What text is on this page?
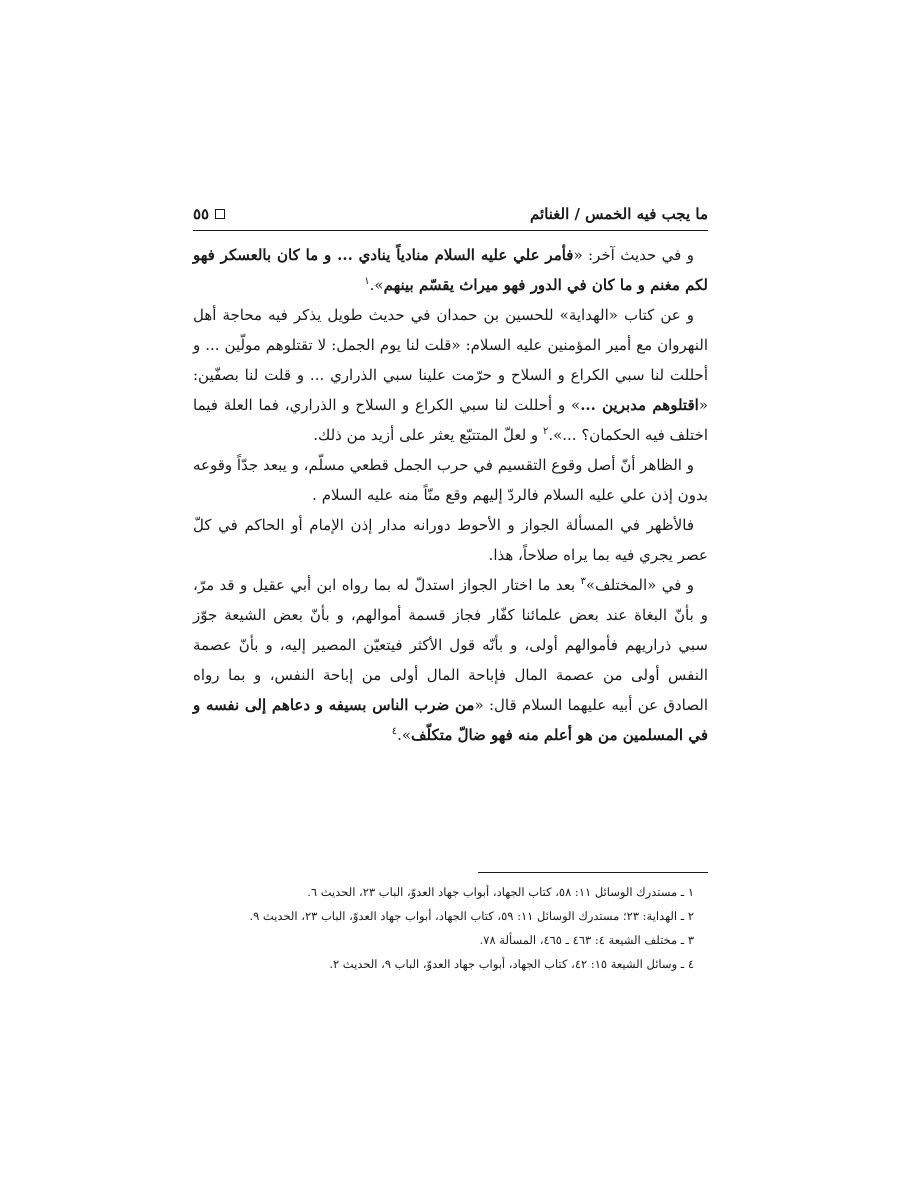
ما يجب فيه الخمس / الغنائم
٥٥

و في حديث آخر: «فأمر علي عليه السلام منادياً ينادي ... و ما كان بالعسكر فهو لكم مغنم و ما كان في الدور فهو ميراث يقسّم بينهم».$^١$

و عن كتاب «الهداية» للحسين بن حمدان في حديث طويل يذكر فيه محاجة أهل النهروان مع أمير المؤمنين عليه السلام: «قلت لنا يوم الجمل: لا تقتلوهم مولّين ... و أحللت لنا سبي الكراع و السلاح و حرّمت علينا سبي الذراري ... و قلت لنا بصفّين: «اقتلوهم مدبرين ...» و أحللت لنا سبي الكراع و السلاح و الذراري، فما العلة فيما اختلف فيه الحكمان؟ ...».$^٢$ و لعلّ المتتبّع يعثر على أزيد من ذلك.

و الظاهر أنّ أصل وقوع التقسيم في حرب الجمل قطعي مسلّم، و يبعد جدّاً وقوعه بدون إذن علي عليه السلام فالردّ إليهم وقع منّاً منه عليه السلام .

فالأظهر في المسألة الجواز و الأحوط دورانه مدار إذن الإمام أو الحاكم في كلّ عصر يجري فيه بما يراه صلاحاً، هذا.

و في «المختلف»$^٣$ بعد ما اختار الجواز استدلّ له بما رواه ابن أبي عقيل و قد مرّ، و بأنّ البغاة عند بعض علمائنا كفّار فجاز قسمة أموالهم، و بأنّ بعض الشيعة جوّز سبي ذراريهم فأموالهم أولى، و بأنّه قول الأكثر فيتعيّن المصير إليه، و بأنّ عصمة النفس أولى من عصمة المال فإباحة المال أولى من إباحة النفس، و بما رواه الصادق عن أبيه عليهما السلام قال: «من ضرب الناس بسيفه و دعاهم إلى نفسه و في المسلمين من هو أعلم منه فهو ضالّ متكلّف».$^٤$

١ ـ مستدرك الوسائل ١١: ٥٨، كتاب الجهاد، أبواب جهاد العدوّ، الباب ٢٣، الحديث ٦.

٢ ـ الهداية: ٢٣؛ مستدرك الوسائل ١١: ٥٩، كتاب الجهاد، أبواب جهاد العدوّ، الباب ٢٣، الحديث ٩.

٣ ـ مختلف الشيعة ٤: ٤٦٣ ـ ٤٦٥، المسألة ٧٨.

٤ ـ وسائل الشيعة ١٥: ٤٢، كتاب الجهاد، أبواب جهاد العدوّ، الباب ٩، الحديث ٢.
